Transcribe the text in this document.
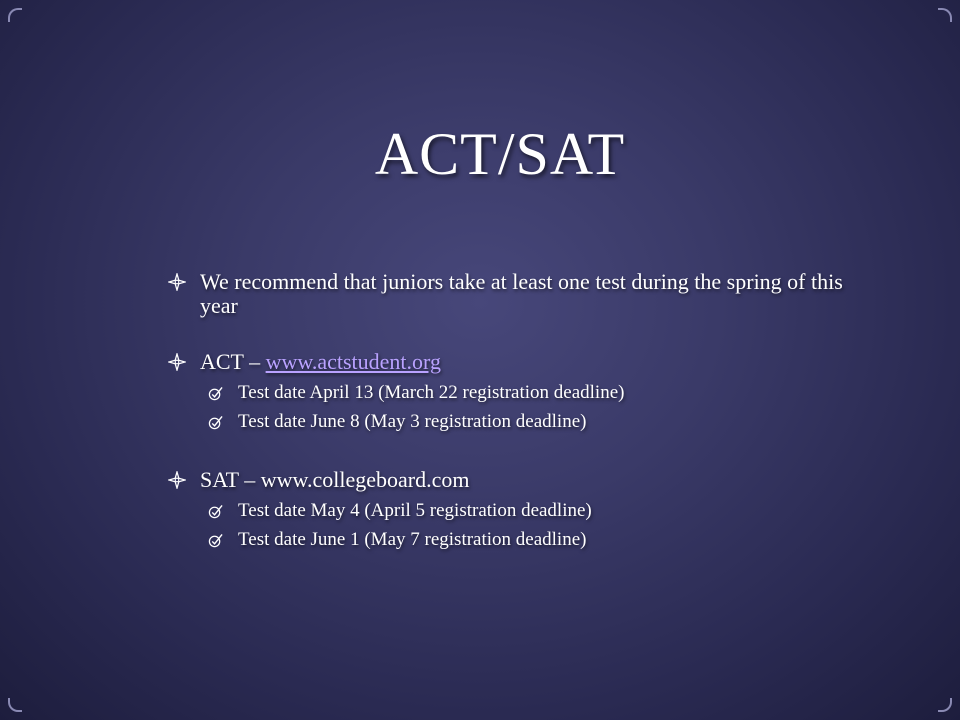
ACT/SAT
We recommend that juniors take at least one test during the spring of this year
ACT – www.actstudent.org
Test date April 13 (March 22 registration deadline)
Test date June 8 (May 3 registration deadline)
SAT – www.collegeboard.com
Test date May 4 (April 5 registration deadline)
Test date June 1 (May 7 registration deadline)
